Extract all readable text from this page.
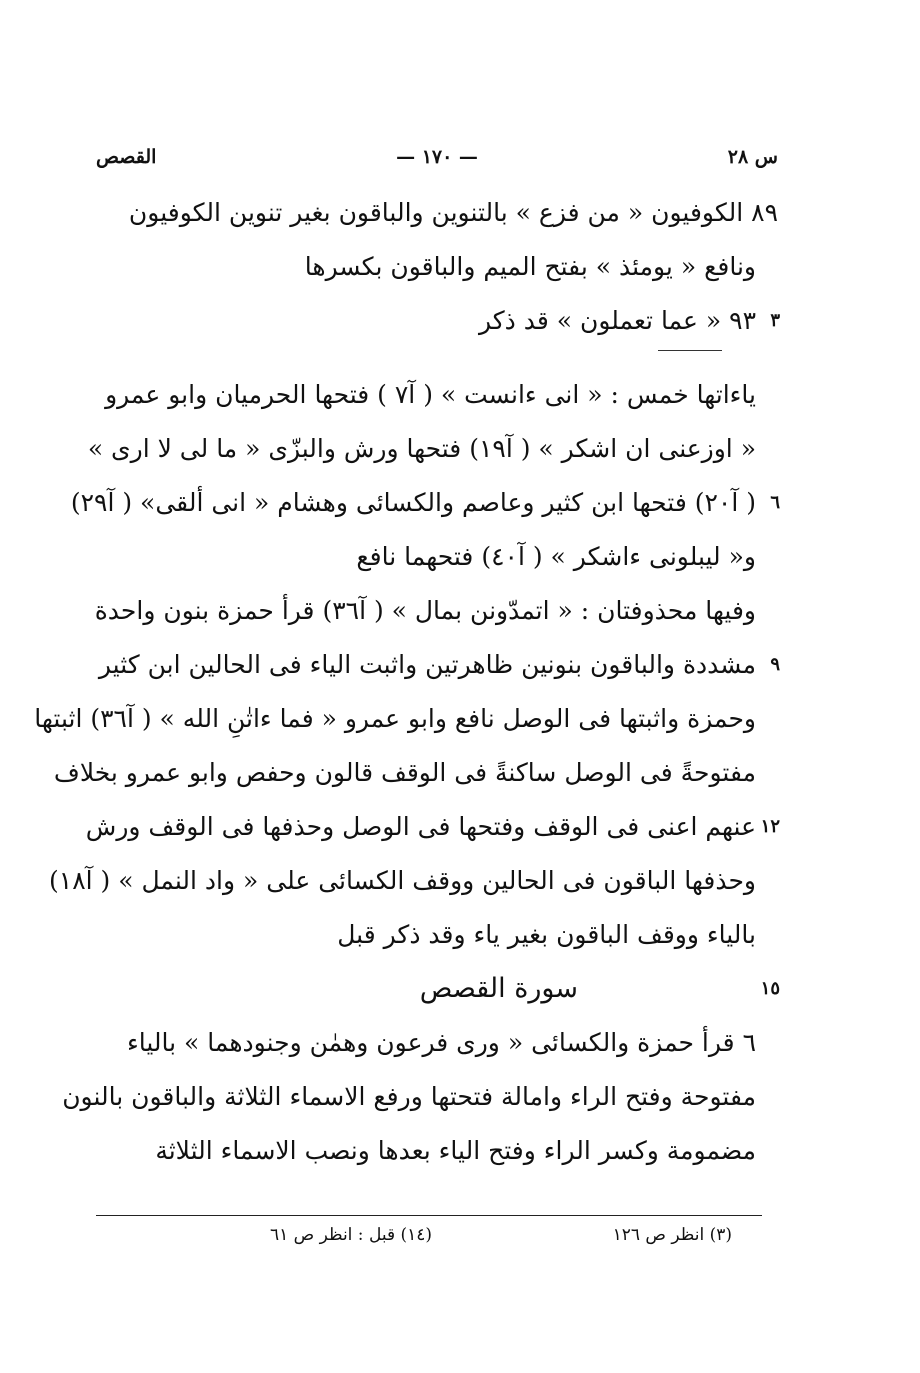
س ٢٨
— ١٧٠ —
القصص
٨٩ الكوفيون « من فزع » بالتنوين والباقون بغير تنوين الكوفيون
ونافع « يومئذ » بفتح الميم والباقون بكسرها
٣
٩٣ « عما تعملون » قد ذكر
ياءاتها خمس : « انى ءانست » ( آ٧ ) فتحها الحرميان وابو عمرو
« اوزعنى ان اشكر » ( آ١٩) فتحها ورش والبزّى « ما لى لا ارى »
٦
( آ٢٠) فتحها ابن كثير وعاصم والكسائى وهشام « انى ألقى» ( آ٢٩)
و« ليبلونى ءاشكر » ( آ٤٠) فتحهما نافع
وفيها محذوفتان : « اتمدّونن بمال » ( آ٣٦) قرأ حمزة بنون واحدة
٩
مشددة والباقون بنونين ظاهرتين واثبت الياء فى الحالين ابن كثير
وحمزة واثبتها فى الوصل نافع وابو عمرو « فما ءاتٰنِ الله » ( آ٣٦) اثبتها
مفتوحةً فى الوصل ساكنةً فى الوقف قالون وحفص وابو عمرو بخلاف
١٢
عنهم اعنى فى الوقف وفتحها فى الوصل وحذفها فى الوقف ورش
وحذفها الباقون فى الحالين ووقف الكسائى على « واد النمل » ( آ١٨)
بالياء ووقف الباقون بغير ياء وقد ذكر قبل
١٥
سورة القصص
٦ قرأ حمزة والكسائى « ورى فرعون وهمٰن وجنودهما » بالياء
مفتوحة وفتح الراء وامالة فتحتها ورفع الاسماء الثلاثة والباقون بالنون
مضمومة وكسر الراء وفتح الياء بعدها ونصب الاسماء الثلاثة
(٣) انظر ص ١٢٦
(١٤) قبل : انظر ص ٦١
